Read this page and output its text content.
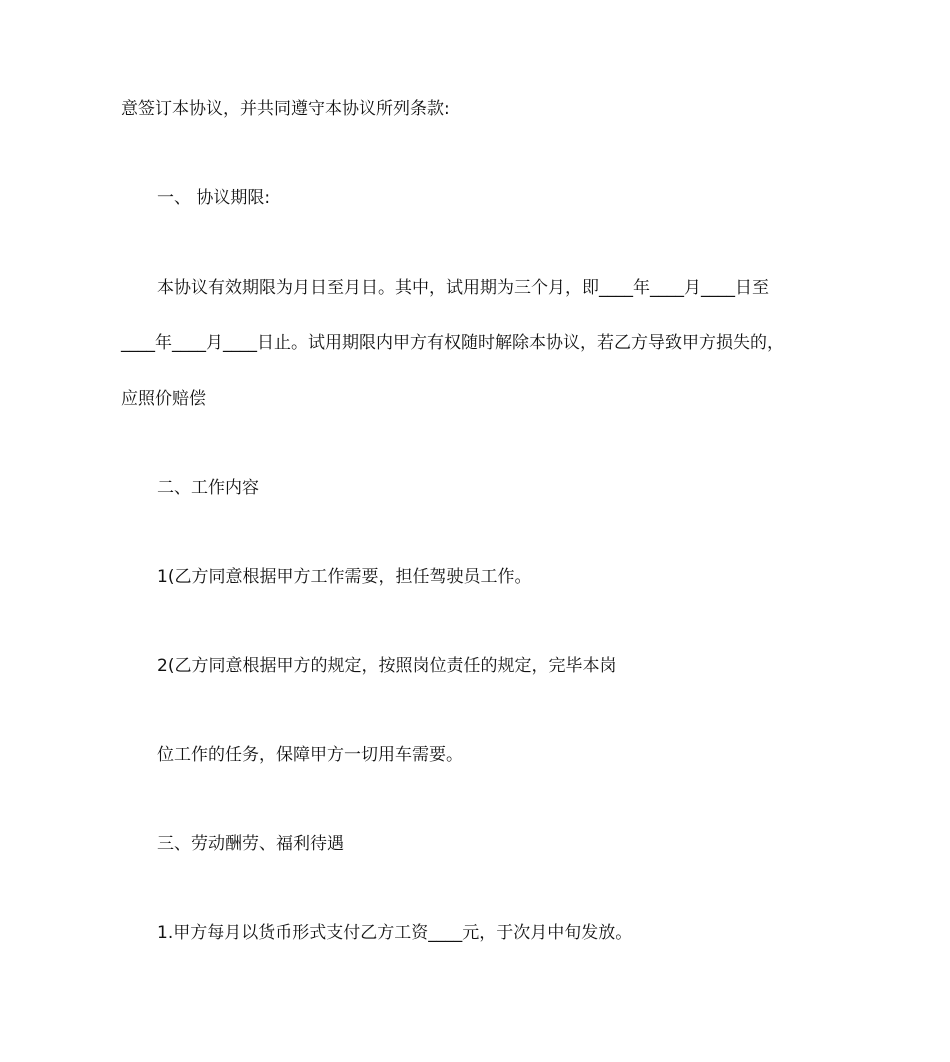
意签订本协议，并共同遵守本协议所列条款:
一、 协议期限:
本协议有效期限为月日至月日。其中，试用期为三个月，即____年____月____日至
____年____月____日止。试用期限内甲方有权随时解除本协议，若乙方导致甲方损失的，
应照价赔偿
二、工作内容
1(乙方同意根据甲方工作需要，担任驾驶员工作。
2(乙方同意根据甲方的规定，按照岗位责任的规定，完毕本岗
位工作的任务，保障甲方一切用车需要。
三、劳动酬劳、福利待遇
1.甲方每月以货币形式支付乙方工资____元，于次月中旬发放。
